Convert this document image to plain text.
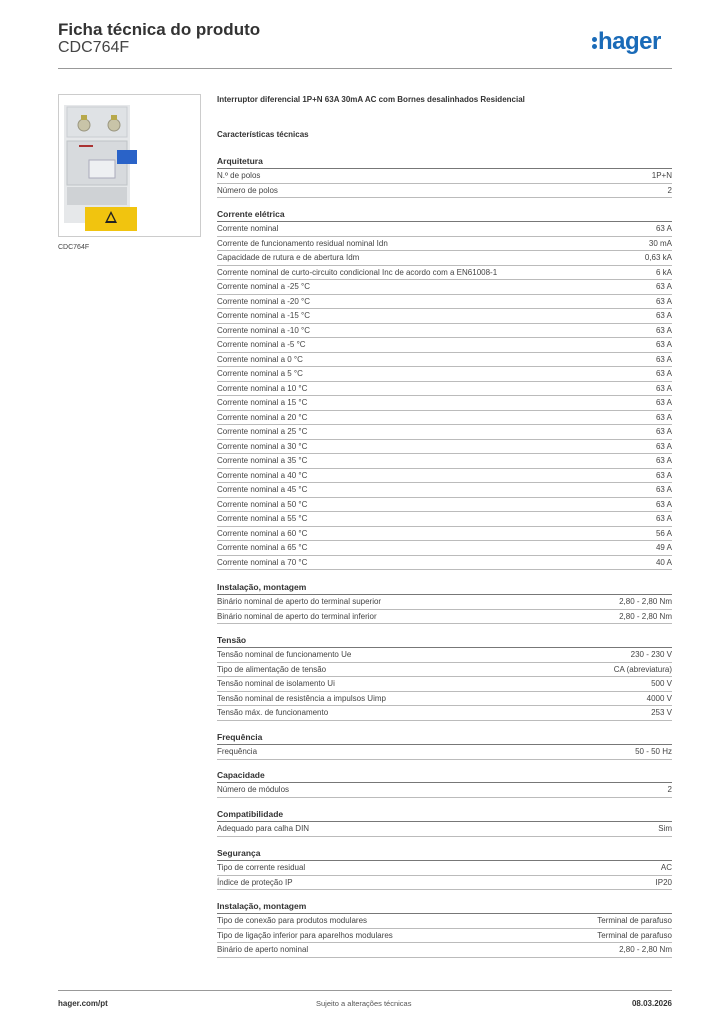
Ficha técnica do produto
CDC764F	hager
CDC764F
Interruptor diferencial 1P+N 63A 30mA AC com Bornes desalinhados Residencial
Características técnicas
Arquitetura
N.º de polos	1P+N
Número de polos	2
Corrente elétrica
Corrente nominal	63 A
Corrente de funcionamento residual nominal Idn	30 mA
Capacidade de rutura e de abertura Idm	0,63 kA
Corrente nominal de curto-circuito condicional Inc de acordo com a EN61008-1	6 kA
Corrente nominal a -25 °C	63 A
Corrente nominal a -20 °C	63 A
Corrente nominal a -15 °C	63 A
Corrente nominal a -10 °C	63 A
Corrente nominal a -5 °C	63 A
Corrente nominal a 0 °C	63 A
Corrente nominal a 5 °C	63 A
Corrente nominal a 10 °C	63 A
Corrente nominal a 15 °C	63 A
Corrente nominal a 20 °C	63 A
Corrente nominal a 25 °C	63 A
Corrente nominal a 30 °C	63 A
Corrente nominal a 35 °C	63 A
Corrente nominal a 40 °C	63 A
Corrente nominal a 45 °C	63 A
Corrente nominal a 50 °C	63 A
Corrente nominal a 55 °C	63 A
Corrente nominal a 60 °C	56 A
Corrente nominal a 65 °C	49 A
Corrente nominal a 70 °C	40 A
Instalação, montagem
Binário nominal de aperto do terminal superior	2,80 - 2,80 Nm
Binário nominal de aperto do terminal inferior	2,80 - 2,80 Nm
Tensão
Tensão nominal de funcionamento Ue	230 - 230 V
Tipo de alimentação de tensão	CA (abreviatura)
Tensão nominal de isolamento Ui	500 V
Tensão nominal de resistência a impulsos Uimp	4000 V
Tensão máx. de funcionamento	253 V
Frequência
Frequência	50 - 50 Hz
Capacidade
Número de módulos	2
Compatibilidade
Adequado para calha DIN	Sim
Segurança
Tipo de corrente residual	AC
Índice de proteção IP	IP20
Instalação, montagem
Tipo de conexão para produtos modulares	Terminal de parafuso
Tipo de ligação inferior para aparelhos modulares	Terminal de parafuso
Binário de aperto nominal	2,80 - 2,80 Nm
hager.com/pt	Sujeito a alterações técnicas	08.03.2026
